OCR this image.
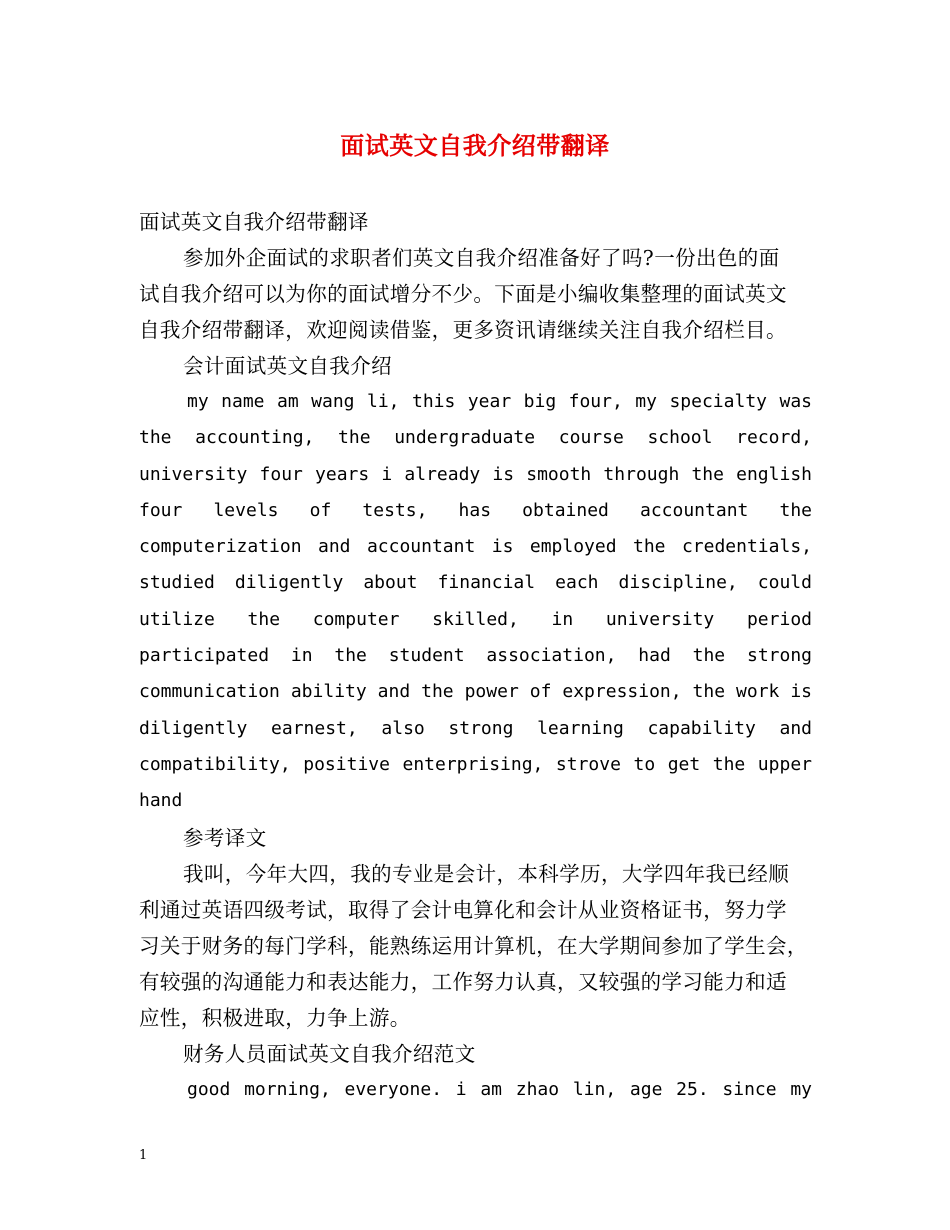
面试英文自我介绍带翻译
面试英文自我介绍带翻译
参加外企面试的求职者们英文自我介绍准备好了吗?一份出色的面
试自我介绍可以为你的面试增分不少。下面是小编收集整理的面试英文
自我介绍带翻译，欢迎阅读借鉴，更多资讯请继续关注自我介绍栏目。
会计面试英文自我介绍
my name am wang li, this year big four, my specialty was
the accounting, the undergraduate course school record,
university four years i already is smooth through the english
four levels of tests, has obtained accountant the
computerization and accountant is employed the credentials,
studied diligently about financial each discipline, could
utilize the computer skilled, in university period
participated in the student association, had the strong
communication ability and the power of expression, the work is
diligently earnest, also strong learning capability and
compatibility, positive enterprising, strove to get the upper
hand
参考译文
我叫，今年大四，我的专业是会计，本科学历，大学四年我已经顺
利通过英语四级考试，取得了会计电算化和会计从业资格证书，努力学
习关于财务的每门学科，能熟练运用计算机，在大学期间参加了学生会，
有较强的沟通能力和表达能力，工作努力认真，又较强的学习能力和适
应性，积极进取，力争上游。
财务人员面试英文自我介绍范文
good morning, everyone. i am zhao lin, age 25. since my
1
